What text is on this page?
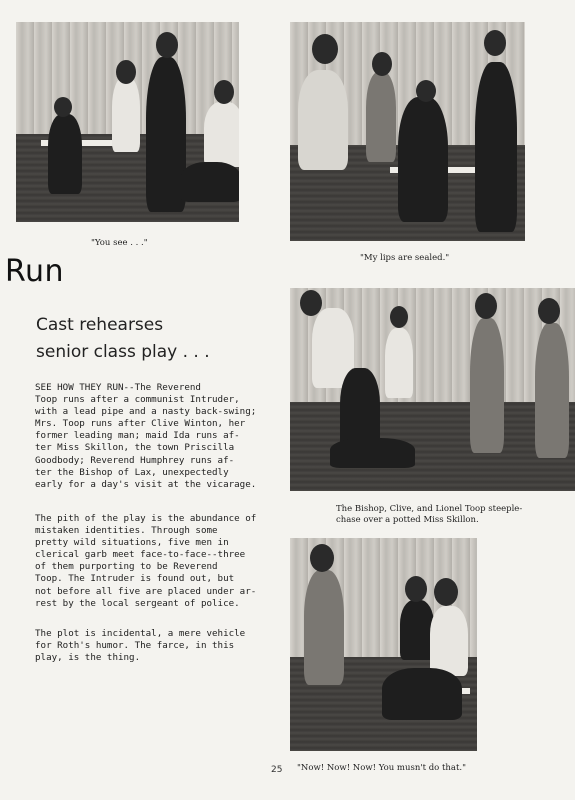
"You see . . ."
"My lips are sealed."
Run
Cast rehearses
senior class play . . .
The Bishop, Clive, and Lionel Toop steeple-
chase over a potted Miss Skillon.
SEE HOW THEY RUN--The Reverend
Toop runs after a communist Intruder,
with a lead pipe and a nasty back-swing;
Mrs. Toop runs after Clive Winton, her
former leading man; maid Ida runs af-
ter Miss Skillon, the town Priscilla
Goodbody; Reverend Humphrey runs af-
ter the Bishop of Lax, unexpectedly
early for a day's visit at the vicarage.
The pith of the play is the abundance of
mistaken identities. Through some
pretty wild situations, five men in
clerical garb meet face-to-face--three
of them purporting to be Reverend
Toop. The Intruder is found out, but
not before all five are placed under ar-
rest by the local sergeant of police.
The plot is incidental, a mere vehicle
for Roth's humor. The farce, in this
play, is the thing.
"Now! Now! Now! You musn't do that."
25
